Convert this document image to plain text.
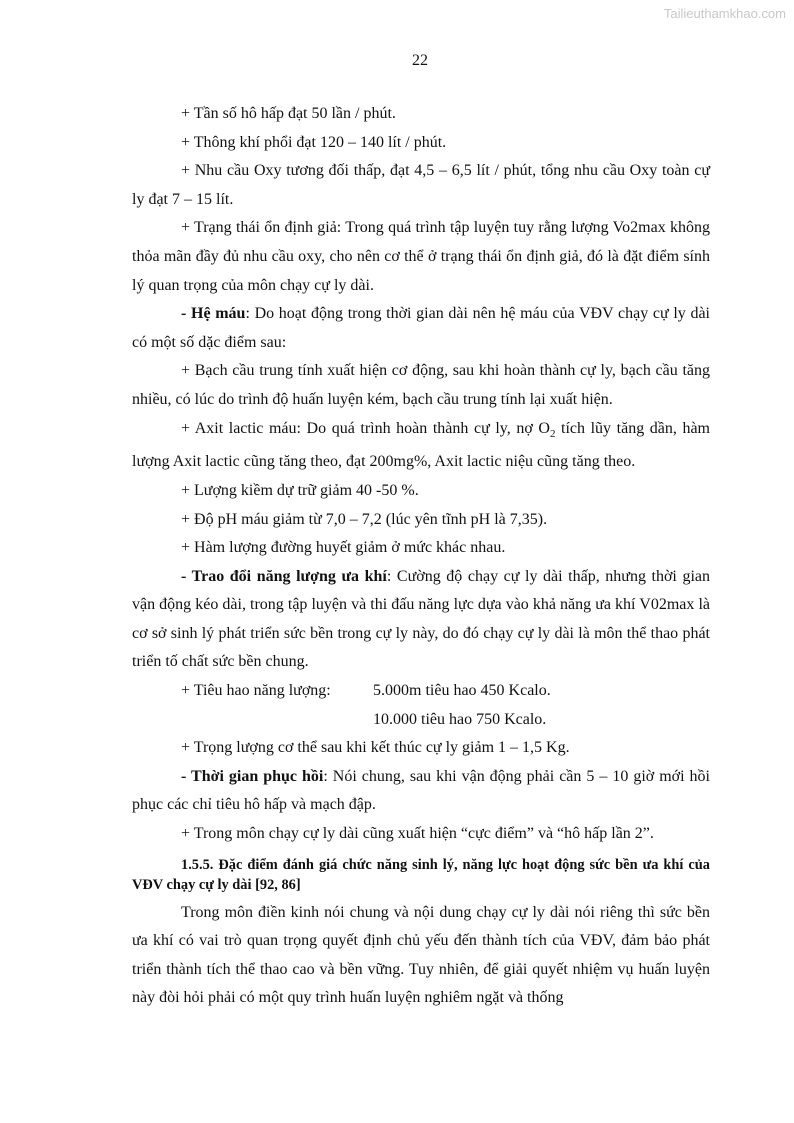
Tailieuthamkhao.com
22

+ Tần số hô hấp đạt 50 lần / phút.

+ Thông khí phổi đạt 120 – 140 lít / phút.

+ Nhu cầu Oxy tương đối thấp, đạt 4,5 – 6,5 lít / phút, tổng nhu cầu Oxy toàn cự ly đạt 7 – 15 lít.

+ Trạng thái ổn định giả: Trong quá trình tập luyện tuy rằng lượng Vo2max không thỏa mãn đầy đủ nhu cầu oxy, cho nên cơ thể ở trạng thái ổn định giả, đó là đặt điểm sính lý quan trọng của môn chạy cự ly dài.

- Hệ máu: Do hoạt động trong thời gian dài nên hệ máu của VĐV chạy cự ly dài có một số dặc điểm sau:

+ Bạch cầu trung tính xuất hiện cơ động, sau khi hoàn thành cự ly, bạch cầu tăng nhiều, có lúc do trình độ huấn luyện kém, bạch cầu trung tính lại xuất hiện.

+ Axit lactic máu: Do quá trình hoàn thành cự ly, nợ $O_2$ tích lũy tăng dần, hàm lượng Axit lactic cũng tăng theo, đạt 200mg%, Axit lactic niệu cũng tăng theo.

+ Lượng kiềm dự trữ giảm 40 -50 %.

+ Độ pH máu giảm từ 7,0 – 7,2 (lúc yên tĩnh pH là 7,35).

+ Hàm lượng đường huyết giảm ở mức khác nhau.

- Trao đổi năng lượng ưa khí: Cường độ chạy cự ly dài thấp, nhưng thời gian vận động kéo dài, trong tập luyện và thi đấu năng lực dựa vào khả năng ưa khí V02max là cơ sở sinh lý phát triển sức bền trong cự ly này, do đó chạy cự ly dài là môn thể thao phát triển tố chất sức bền chung.

+ Tiêu hao năng lượng:	5.000m tiêu hao 450 Kcalo.
10.000 tiêu hao 750 Kcalo.

+ Trọng lượng cơ thể sau khi kết thúc cự ly giảm 1 – 1,5 Kg.

- Thời gian phục hồi: Nói chung, sau khi vận động phải cần 5 – 10 giờ mới hồi phục các chỉ tiêu hô hấp và mạch đập.

+ Trong môn chạy cự ly dài cũng xuất hiện “cực điểm” và “hô hấp lần 2”.

1.5.5. Đặc điểm đánh giá chức năng sinh lý, năng lực hoạt động sức bền ưa khí của VĐV chạy cự ly dài [92, 86]

Trong môn điền kinh nói chung và nội dung chạy cự ly dài nói riêng thì sức bền ưa khí có vai trò quan trọng quyết định chủ yếu đến thành tích của VĐV, đảm bảo phát triển thành tích thể thao cao và bền vững. Tuy nhiên, để giải quyết nhiệm vụ huấn luyện này đòi hỏi phải có một quy trình huấn luyện nghiêm ngặt và thống
